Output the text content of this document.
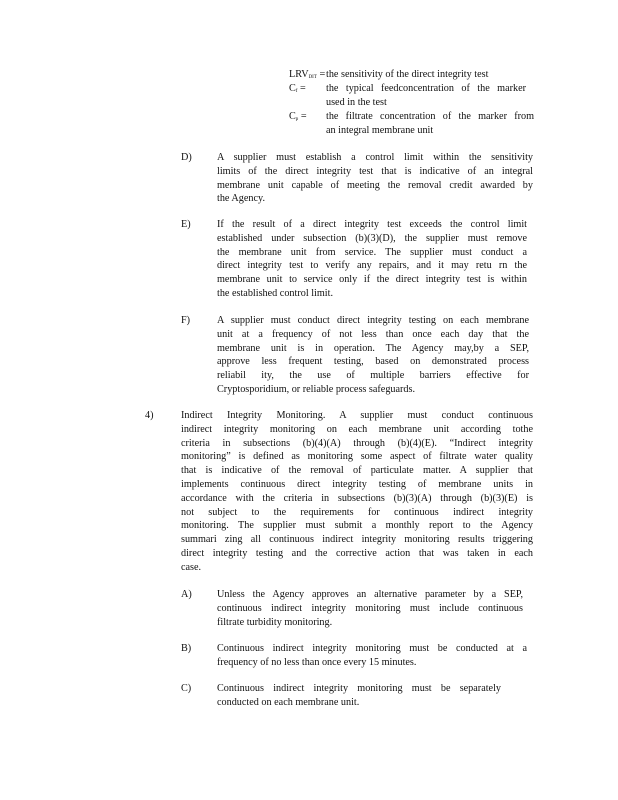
$LRV_{DIT}$ = the sensitivity of the direct integrity test
$C_f$ = the typical feedconcentration of the marker
used in the test
$C_p$ = the filtrate concentration of the marker from
an integral membrane unit
D) A supplier must establish a control limit within the sensitivity
limits of the direct integrity test that is indicative of an integral
membrane unit capable of meeting the removal credit awarded by
the Agency.
E)	If the result of a direct integrity test exceeds the control limit
established under subsection (b)(3)(D), the supplier must remove
the membrane unit from service. The supplier must conduct a
direct integrity test to verify any repairs, and it may retu rn the
membrane unit to service only if the direct integrity test is within
the established control limit.
F)	A supplier must conduct direct integrity testing on each membrane
unit at a frequency of not less than once each day that the
membrane unit is in operation. The Agency may,by a SEP,
approve less frequent testing, based on demonstrated process
reliabil ity, the use of multiple barriers effective for
Cryptosporidium, or reliable process safeguards.
4)	Indirect Integrity Monitoring. A supplier must conduct continuous
indirect integrity monitoring on each membrane unit according tothe
criteria in subsections (b)(4)(A) through (b)(4)(E). “Indirect integrity
monitoring” is defined as monitoring some aspect of filtrate water quality
that is indicative of the removal of particulate matter. A supplier that
implements continuous direct integrity testing of membrane units in
accordance with the criteria in subsections (b)(3)(A) through (b)(3)(E) is
not subject to the requirements for continuous indirect integrity
monitoring. The supplier must submit a monthly report to the Agency
summari zing all continuous indirect integrity monitoring results triggering
direct integrity testing and the corrective action that was taken in each
case.
A) Unless the Agency approves an alternative parameter by a SEP,
continuous indirect integrity monitoring must include continuous
filtrate turbidity monitoring.
B)	Continuous indirect integrity monitoring must be conducted at a
frequency of no less than once every 15 minutes.
C)	Continuous indirect integrity monitoring must be separately
conducted on each membrane unit.
